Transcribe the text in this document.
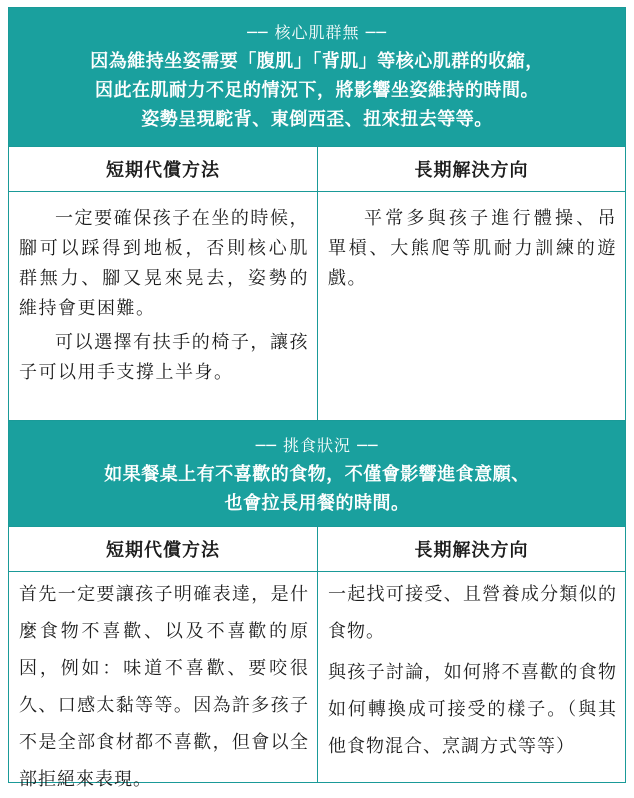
── 核心肌群無 ──
因為維持坐姿需要「腹肌」「背肌」等核心肌群的收縮，
因此在肌耐力不足的情況下，將影響坐姿維持的時間。
姿勢呈現駝背、東倒西歪、扭來扭去等等。
短期代償方法	長期解決方向

一定要確保孩子在坐的時候，腳可以踩得到地板，否則核心肌群無力、腳又晃來晃去，姿勢的維持會更困難。

可以選擇有扶手的椅子，讓孩子可以用手支撐上半身。

平常多與孩子進行體操、吊單槓、大熊爬等肌耐力訓練的遊戲。

── 挑食狀況 ──
如果餐桌上有不喜歡的食物，不僅會影響進食意願、
也會拉長用餐的時間。
短期代償方法	長期解決方向

首先一定要讓孩子明確表達，是什麼食物不喜歡、以及不喜歡的原因，例如：味道不喜歡、要咬很久、口感太黏等等。因為許多孩子不是全部食材都不喜歡，但會以全部拒絕來表現。

一起找可接受、且營養成分類似的食物。

與孩子討論，如何將不喜歡的食物如何轉換成可接受的樣子。（與其他食物混合、烹調方式等等）
